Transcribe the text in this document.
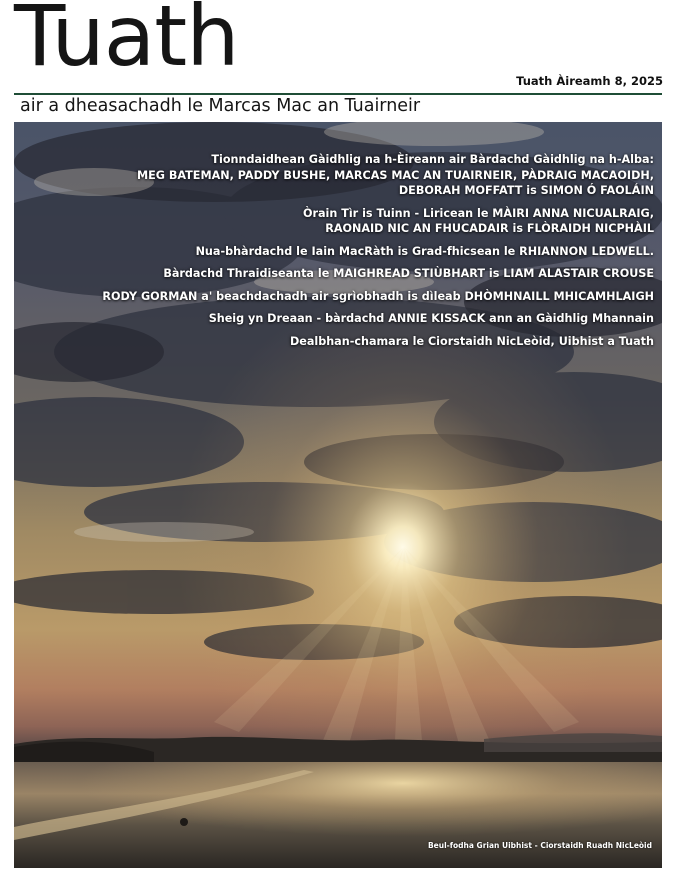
Tuath	Tuath Àireamh 8, 2025
air a dheasachadh le Marcas Mac an Tuairneir
Tionndaidhean Gàidhlig na h-Èireann air Bàrdachd Gàidhlig na h-Alba:
MEG BATEMAN, PADDY BUSHE, MARCAS MAC AN TUAIRNEIR, PÀDRAIG MACAOIDH,
DEBORAH MOFFATT is SIMON Ó FAOLÁIN
Òrain Tìr is Tuinn - Liricean le MÀIRI ANNA NICUALRAIG,
RAONAID NIC AN FHUCADAIR is FLÒRAIDH NICPHÀIL
Nua-bhàrdachd le Iain MacRàth is Grad-fhicsean le RHIANNON LEDWELL.
Bàrdachd Thraidiseanta le MAIGHREAD STIÙBHART is LIAM ALASTAIR CROUSE
RODY GORMAN a' beachdachadh air sgrìobhadh is dìleab DHÒMHNAILL MHICAMHLAIGH
Sheig yn Dreaan - bàrdachd ANNIE KISSACK ann an Gàidhlig Mhannain
Dealbhan-chamara le Ciorstaidh NicLeòid, Uibhist a Tuath
Beul-fodha Grian Uibhist - Ciorstaidh Ruadh NicLeòid
